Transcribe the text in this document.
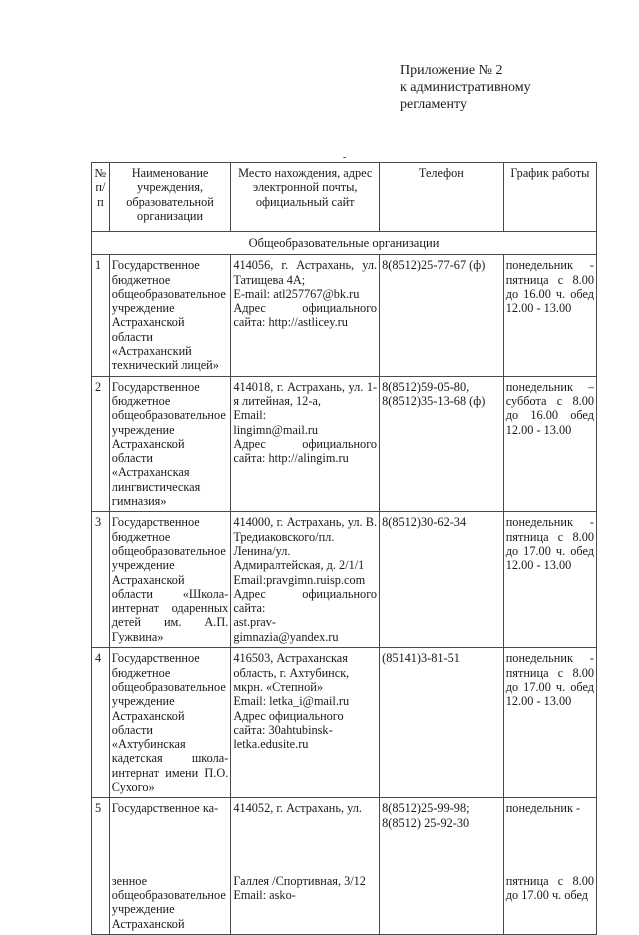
Приложение № 2
к административному
регламенту
-
№ п/п	Наименование учреждения, образовательной организации	Место нахождения, адрес электронной почты, официальный сайт	Телефон	График работы
Общеобразовательные организации				
1	Государственное бюджетное общеобразовательное учреждение Астраханской области «Астраханский технический лицей»	414056, г. Астрахань, ул. Татищева 4А;
E-mail: atl257767@bk.ru
Адрес официального сайта: http://astlicey.ru	8(8512)25-77-67 (ф)	понедельник - пятница с 8.00 до 16.00 ч. обед 12.00 - 13.00
2	Государственное бюджетное общеобразовательное учреждение Астраханской области «Астраханская лингвистическая гимназия»	414018, г. Астрахань, ул. 1-я литейная, 12-а,
Email:
lingimn@mail.ru
Адрес официального сайта: http://alingim.ru	8(8512)59-05-80,
8(8512)35-13-68 (ф)	понедельник – суббота с 8.00 до 16.00 обед 12.00 - 13.00
3	Государственное бюджетное общеобразовательное учреждение Астраханской области «Школа-интернат одаренных детей им. А.П. Гужвина»	414000, г. Астрахань, ул. В. Тредиаковского/пл. Ленина/ул. Адмиралтейская, д. 2/1/1
Email:pravgimn.ruisp.com
Адрес официального сайта:
ast.prav-gimnazia@yandex.ru	8(8512)30-62-34	понедельник - пятница с 8.00 до 17.00 ч. обед 12.00 - 13.00
4	Государственное бюджетное общеобразовательное учреждение Астраханской области «Ахтубинская кадетская школа-интернат имени П.О. Сухого»	416503, Астраханская область, г. Ахтубинск, мкрн. «Степной»
Email: letka_i@mail.ru
Адрес официального сайта: 30ahtubinsk-letka.edusite.ru	(85141)3-81-51	понедельник - пятница с 8.00 до 17.00 ч. обед 12.00 - 13.00
5	Государственное ка-
зенное общеобразовательное учреждение Астраханской	414052, г. Астрахань, ул.
Галлея /Спортивная, 3/12
Email: asko-	8(8512)25-99-98;
8(8512) 25-92-30	понедельник -
пятница с 8.00 до 17.00 ч. обед
